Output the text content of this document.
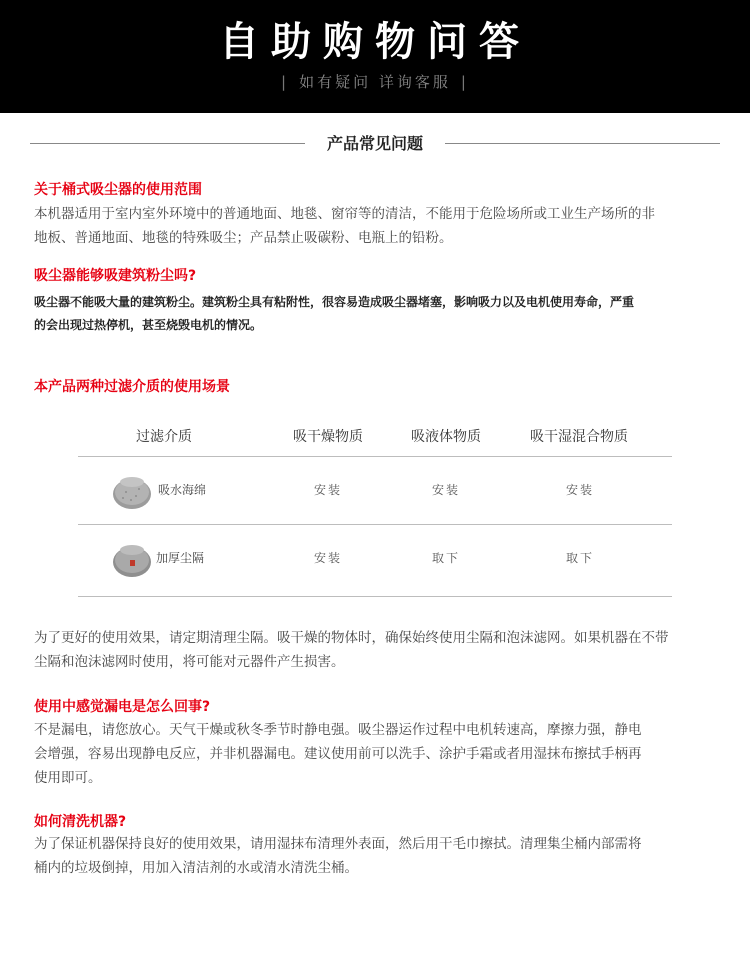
自助购物问答
| 如有疑问 详询客服 |
产品常见问题
关于桶式吸尘器的使用范围
本机器适用于室内室外环境中的普通地面、地毯、窗帘等的清洁，不能用于危险场所或工业生产场所的非
地板、普通地面、地毯的特殊吸尘；产品禁止吸碳粉、电瓶上的铅粉。
吸尘器能够吸建筑粉尘吗?
吸尘器不能吸大量的建筑粉尘。建筑粉尘具有粘附性，很容易造成吸尘器堵塞，影响吸力以及电机使用寿命，严重
的会出现过热停机，甚至烧毁电机的情况。
本产品两种过滤介质的使用场景
过滤介质	吸干燥物质	吸液体物质	吸干湿混合物质
吸水海绵	安装	安装	安装
加厚尘隔	安装	取下	取下
为了更好的使用效果，请定期清理尘隔。吸干燥的物体时，确保始终使用尘隔和泡沫滤网。如果机器在不带
尘隔和泡沫滤网时使用，将可能对元器件产生损害。
使用中感觉漏电是怎么回事?
不是漏电，请您放心。天气干燥或秋冬季节时静电强。吸尘器运作过程中电机转速高，摩擦力强，静电
会增强，容易出现静电反应，并非机器漏电。建议使用前可以洗手、涂护手霜或者用湿抹布擦拭手柄再
使用即可。
如何清洗机器?
为了保证机器保持良好的使用效果，请用湿抹布清理外表面，然后用干毛巾擦拭。清理集尘桶内部需将
桶内的垃圾倒掉，用加入清洁剂的水或清水清洗尘桶。
